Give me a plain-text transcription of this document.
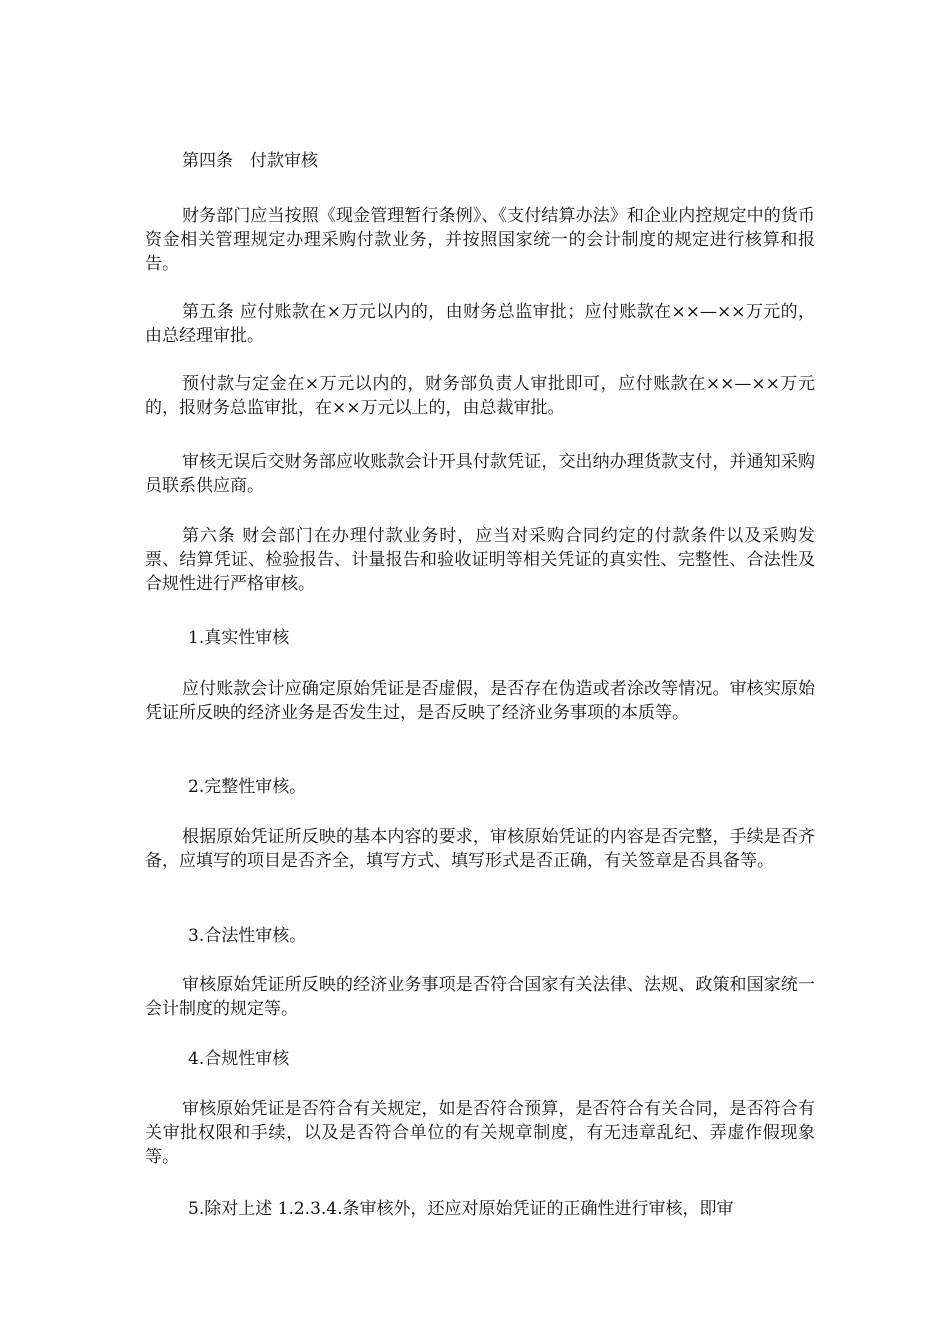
第四条　付款审核

财务部门应当按照《现金管理暂行条例》、《支付结算办法》和企业内控规定中的货币资金相关管理规定办理采购付款业务，并按照国家统一的会计制度的规定进行核算和报告。

第五条 应付账款在×万元以内的，由财务总监审批；应付账款在××—××万元的，由总经理审批。

预付款与定金在×万元以内的，财务部负责人审批即可，应付账款在××—××万元的，报财务总监审批，在××万元以上的，由总裁审批。

审核无误后交财务部应收账款会计开具付款凭证，交出纳办理货款支付，并通知采购员联系供应商。

第六条 财会部门在办理付款业务时，应当对采购合同约定的付款条件以及采购发票、结算凭证、检验报告、计量报告和验收证明等相关凭证的真实性、完整性、合法性及合规性进行严格审核。

1.真实性审核

应付账款会计应确定原始凭证是否虚假，是否存在伪造或者涂改等情况。审核实原始凭证所反映的经济业务是否发生过，是否反映了经济业务事项的本质等。

2.完整性审核。

根据原始凭证所反映的基本内容的要求，审核原始凭证的内容是否完整，手续是否齐备，应填写的项目是否齐全，填写方式、填写形式是否正确，有关签章是否具备等。

3.合法性审核。

审核原始凭证所反映的经济业务事项是否符合国家有关法律、法规、政策和国家统一会计制度的规定等。

4.合规性审核

审核原始凭证是否符合有关规定，如是否符合预算，是否符合有关合同，是否符合有关审批权限和手续，以及是否符合单位的有关规章制度，有无违章乱纪、弄虚作假现象等。

5.除对上述 1.2.3.4.条审核外，还应对原始凭证的正确性进行审核，即审
